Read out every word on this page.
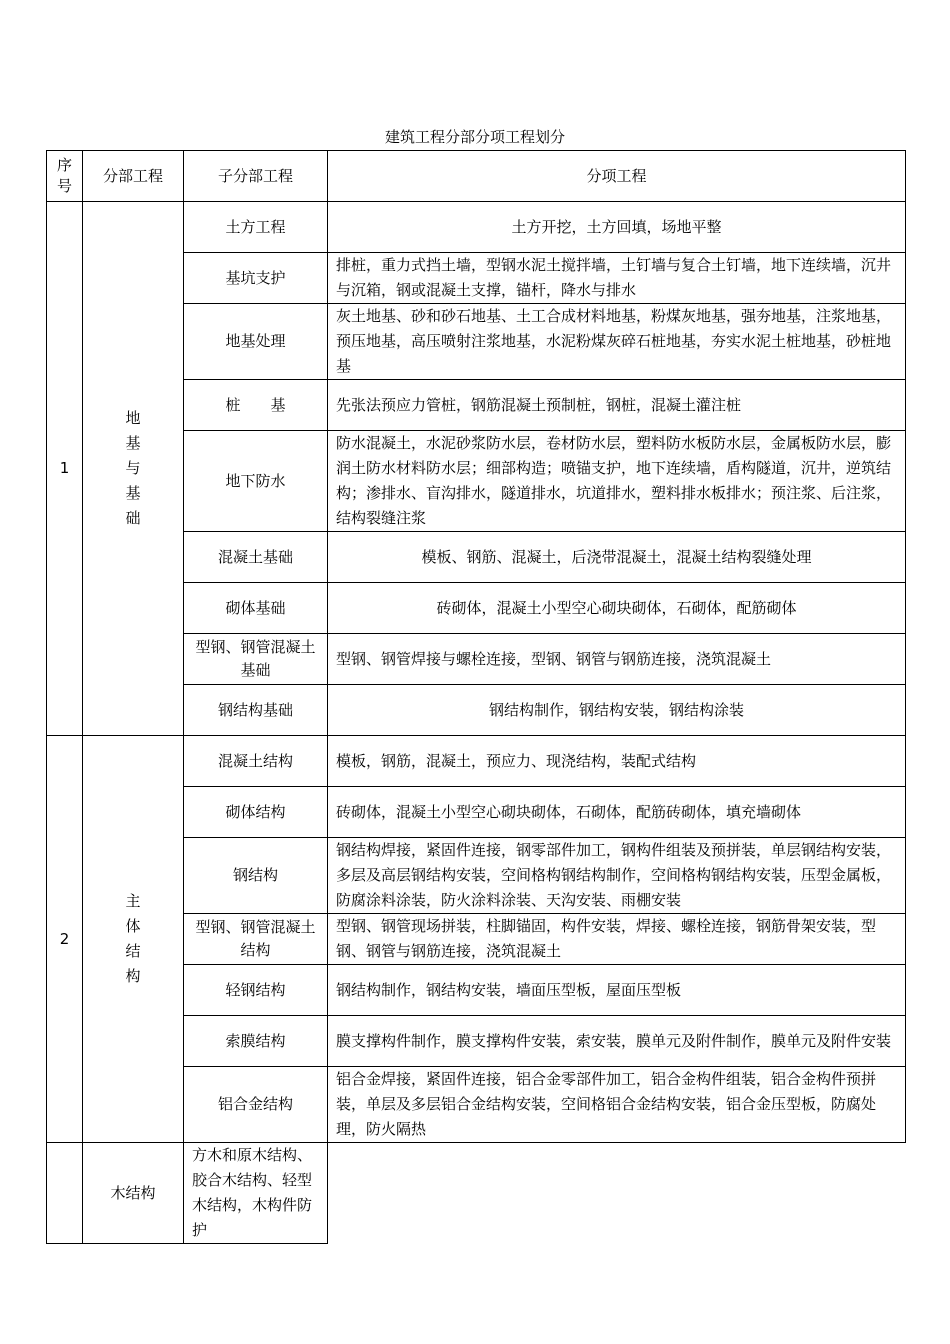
建筑工程分部分项工程划分
序号	分部工程	子分部工程	分项工程
1	地基与基础	土方工程	土方开挖，土方回填，场地平整
		基坑支护	排桩，重力式挡土墙，型钢水泥土搅拌墙，土钉墙与复合土钉墙，地下连续墙，沉井与沉箱，钢或混凝土支撑，锚杆，降水与排水
		地基处理	灰土地基、砂和砂石地基、土工合成材料地基，粉煤灰地基，强夯地基，注浆地基，预压地基，高压喷射注浆地基，水泥粉煤灰碎石桩地基，夯实水泥土桩地基，砂桩地基
		桩　　基	先张法预应力管桩，钢筋混凝土预制桩，钢桩，混凝土灌注桩
		地下防水	防水混凝土，水泥砂浆防水层，卷材防水层，塑料防水板防水层，金属板防水层，膨润土防水材料防水层；细部构造；喷锚支护，地下连续墙，盾构隧道，沉井，逆筑结构；渗排水、盲沟排水，隧道排水，坑道排水，塑料排水板排水；预注浆、后注浆，结构裂缝注浆
		混凝土基础	模板、钢筋、混凝土，后浇带混凝土，混凝土结构裂缝处理
		砌体基础	砖砌体，混凝土小型空心砌块砌体，石砌体，配筋砌体

		型钢、钢管混凝土基础	型钢、钢管焊接与螺栓连接，型钢、钢管与钢筋连接，浇筑混凝土
		钢结构基础	钢结构制作，钢结构安装，钢结构涂装
2	主体结构	混凝土结构	模板，钢筋，混凝土，预应力、现浇结构，装配式结构
		砌体结构	砖砌体，混凝土小型空心砌块砌体，石砌体，配筋砖砌体，填充墙砌体
		钢结构	钢结构焊接，紧固件连接，钢零部件加工，钢构件组装及预拼装，单层钢结构安装，多层及高层钢结构安装，空间格构钢结构制作，空间格构钢结构安装，压型金属板，防腐涂料涂装，防火涂料涂装、天沟安装、雨棚安装

		型钢、钢管混凝土结构	型钢、钢管现场拼装，柱脚锚固，构件安装，焊接、螺栓连接，钢筋骨架安装，型钢、钢管与钢筋连接，浇筑混凝土
		轻钢结构	钢结构制作，钢结构安装，墙面压型板，屋面压型板
		索膜结构	膜支撑构件制作，膜支撑构件安装，索安装，膜单元及附件制作，膜单元及附件安装
		铝合金结构	铝合金焊接，紧固件连接，铝合金零部件加工，铝合金构件组装，铝合金构件预拼装，单层及多层铝合金结构安装，空间格铝合金结构安装，铝合金压型板，防腐处理，防火隔热
	木结构	方木和原木结构、胶合木结构、轻型木结构，木构件防护	
